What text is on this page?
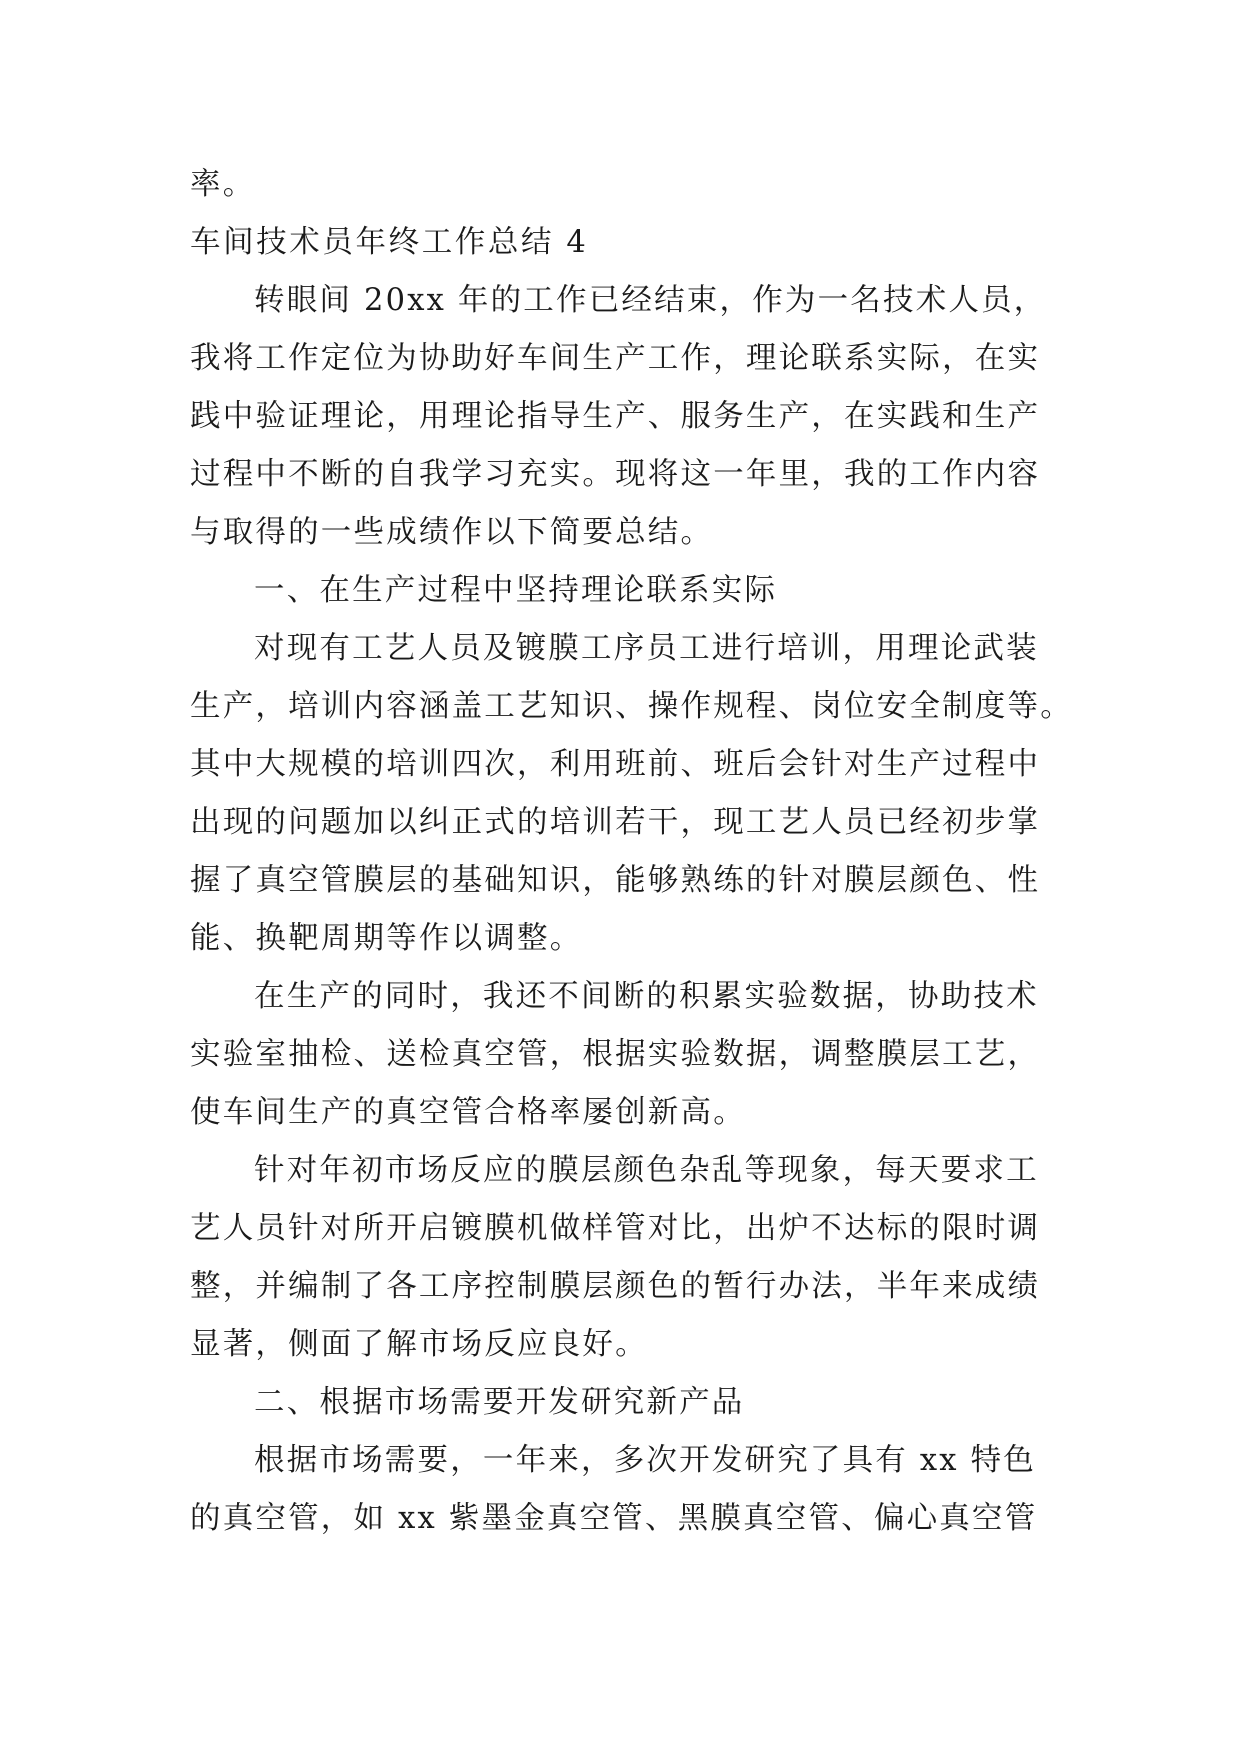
率。
车间技术员年终工作总结 4
转眼间 20xx 年的工作已经结束，作为一名技术人员，
我将工作定位为协助好车间生产工作，理论联系实际，在实
践中验证理论，用理论指导生产、服务生产，在实践和生产
过程中不断的自我学习充实。现将这一年里，我的工作内容
与取得的一些成绩作以下简要总结。
一、在生产过程中坚持理论联系实际
对现有工艺人员及镀膜工序员工进行培训，用理论武装
生产，培训内容涵盖工艺知识、操作规程、岗位安全制度等。
其中大规模的培训四次，利用班前、班后会针对生产过程中
出现的问题加以纠正式的培训若干，现工艺人员已经初步掌
握了真空管膜层的基础知识，能够熟练的针对膜层颜色、性
能、换靶周期等作以调整。
在生产的同时，我还不间断的积累实验数据，协助技术
实验室抽检、送检真空管，根据实验数据，调整膜层工艺，
使车间生产的真空管合格率屡创新高。
针对年初市场反应的膜层颜色杂乱等现象，每天要求工
艺人员针对所开启镀膜机做样管对比，出炉不达标的限时调
整，并编制了各工序控制膜层颜色的暂行办法，半年来成绩
显著，侧面了解市场反应良好。
二、根据市场需要开发研究新产品
根据市场需要，一年来，多次开发研究了具有 xx 特色
的真空管，如 xx 紫墨金真空管、黑膜真空管、偏心真空管
